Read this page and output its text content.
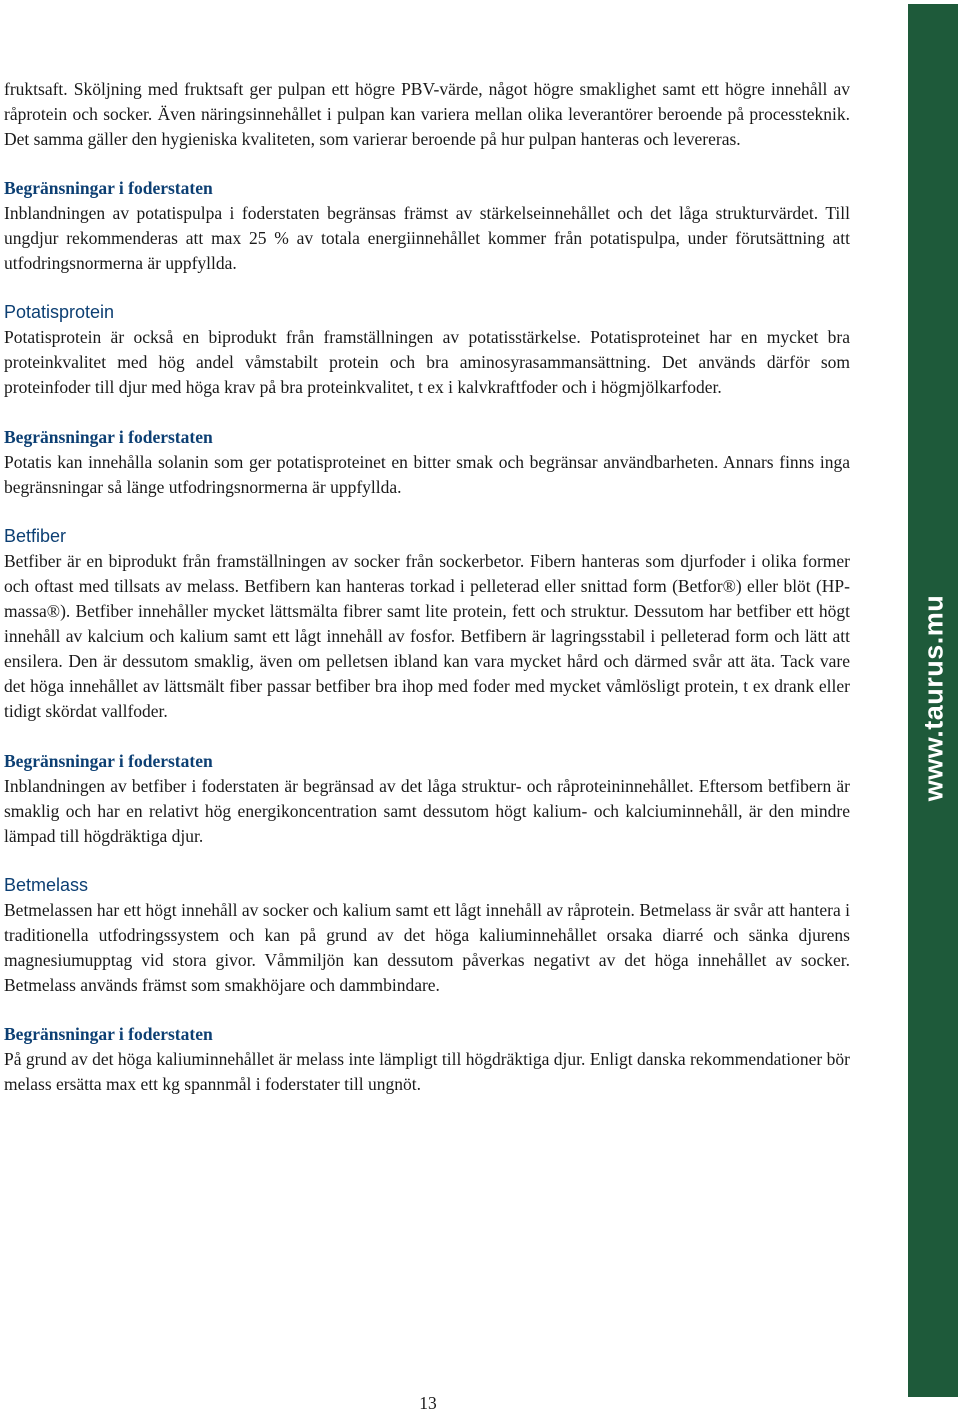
fruktsaft. Sköljning med fruktsaft ger pulpan ett högre PBV-värde, något högre smaklighet samt ett högre innehåll av råprotein och socker. Även näringsinnehållet i pulpan kan variera mellan olika leverantörer beroende på processteknik. Det samma gäller den hygieniska kvaliteten, som varierar beroende på hur pulpan hanteras och levereras.

Begränsningar i foderstaten

Inblandningen av potatispulpa i foderstaten begränsas främst av stärkelseinnehållet och det låga strukturvärdet. Till ungdjur rekommenderas att max 25 % av totala energiinnehållet kommer från potatispulpa, under förutsättning att utfodringsnormerna är uppfyllda.

Potatisprotein

Potatisprotein är också en biprodukt från framställningen av potatisstärkelse. Potatisproteinet har en mycket bra proteinkvalitet med hög andel våmstabilt protein och bra aminosyrasammansättning. Det används därför som proteinfoder till djur med höga krav på bra proteinkvalitet, t ex i kalvkraftfoder och i högmjölkarfoder.

Begränsningar i foderstaten

Potatis kan innehålla solanin som ger potatisproteinet en bitter smak och begränsar användbarheten. Annars finns inga begränsningar så länge utfodringsnormerna är uppfyllda.

Betfiber

Betfiber är en biprodukt från framställningen av socker från sockerbetor. Fibern hanteras som djurfoder i olika former och oftast med tillsats av melass. Betfibern kan hanteras torkad i pelleterad eller snittad form (Betfor®) eller blöt (HP-massa®). Betfiber innehåller mycket lättsmälta fibrer samt lite protein, fett och struktur. Dessutom har betfiber ett högt innehåll av kalcium och kalium samt ett lågt innehåll av fosfor. Betfibern är lagringsstabil i pelleterad form och lätt att ensilera. Den är dessutom smaklig, även om pelletsen ibland kan vara mycket hård och därmed svår att äta. Tack vare det höga innehållet av lättsmält fiber passar betfiber bra ihop med foder med mycket våmlösligt protein, t ex drank eller tidigt skördat vallfoder.

Begränsningar i foderstaten

Inblandningen av betfiber i foderstaten är begränsad av det låga struktur- och råproteininnehållet. Eftersom betfibern är smaklig och har en relativt hög energikoncentration samt dessutom högt kalium- och kalciuminnehåll, är den mindre lämpad till högdräktiga djur.

Betmelass

Betmelassen har ett högt innehåll av socker och kalium samt ett lågt innehåll av råprotein. Betmelass är svår att hantera i traditionella utfodringssystem och kan på grund av det höga kaliuminnehållet orsaka diarré och sänka djurens magnesiumupptag vid stora givor. Våmmiljön kan dessutom påverkas negativt av det höga innehållet av socker. Betmelass används främst som smakhöjare och dammbindare.

Begränsningar i foderstaten

På grund av det höga kaliuminnehållet är melass inte lämpligt till högdräktiga djur. Enligt danska rekommendationer bör melass ersätta max ett kg spannmål i foderstater till ungnöt.

www.taurus.mu
13
